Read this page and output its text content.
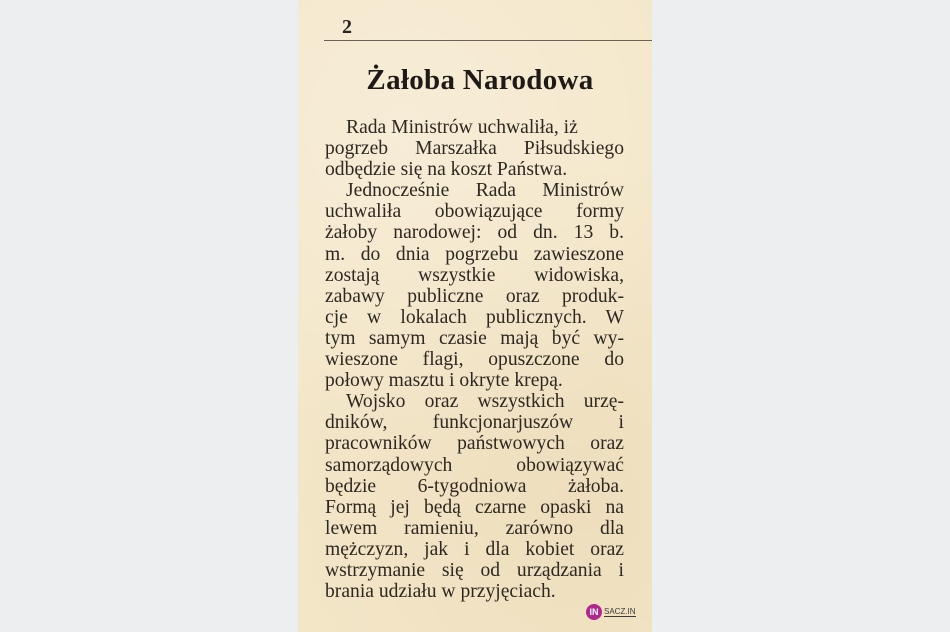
2
Żałoba Narodowa
Rada Ministrów uchwaliła, iż
pogrzeb Marszałka Piłsudskiego
odbędzie się na koszt Państwa.
Jednocześnie Rada Ministrów
uchwaliła obowiązujące formy
żałoby narodowej: od dn. 13 b.
m. do dnia pogrzebu zawieszone
zostają wszystkie widowiska,
zabawy publiczne oraz produk-
cje w lokalach publicznych. W
tym samym czasie mają być wy-
wieszone flagi, opuszczone do
połowy masztu i okryte krepą.
Wojsko oraz wszystkich urzę-
dników, funkcjonarjuszów i
pracowników państwowych oraz
samorządowych obowiązywać
będzie 6-tygodniowa żałoba.
Formą jej będą czarne opaski na
lewem ramieniu, zarówno dla
mężczyzn, jak i dla kobiet oraz
wstrzymanie się od urządzania i
brania udziału w przyjęciach.
IN SACZ.IN
